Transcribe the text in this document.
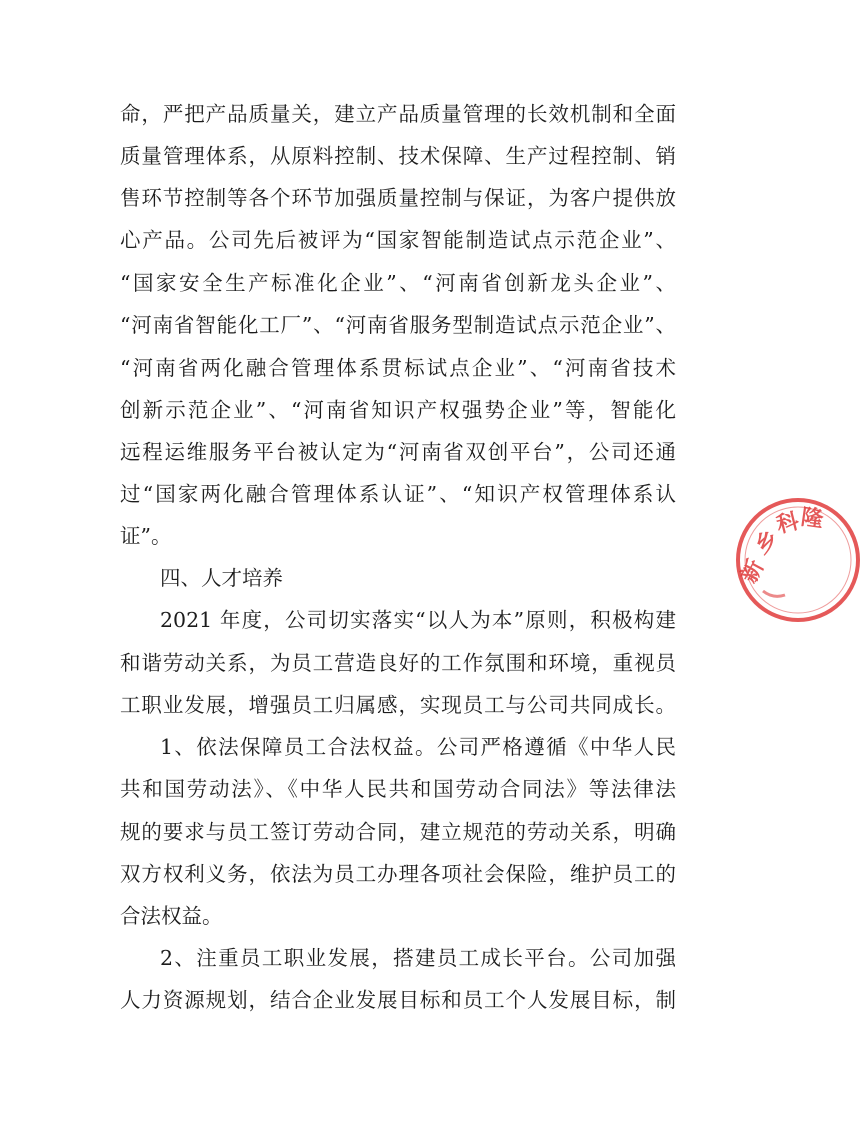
命，严把产品质量关，建立产品质量管理的长效机制和全面
质量管理体系，从原料控制、技术保障、生产过程控制、销
售环节控制等各个环节加强质量控制与保证，为客户提供放
心产品。公司先后被评为“国家智能制造试点示范企业”、
“国家安全生产标准化企业”、“河南省创新龙头企业”、
“河南省智能化工厂”、“河南省服务型制造试点示范企业”、
“河南省两化融合管理体系贯标试点企业”、“河南省技术
创新示范企业”、“河南省知识产权强势企业”等，智能化
远程运维服务平台被认定为“河南省双创平台”，公司还通
过“国家两化融合管理体系认证”、“知识产权管理体系认
证”。
四、人才培养
2021 年度，公司切实落实“以人为本”原则，积极构建
和谐劳动关系，为员工营造良好的工作氛围和环境，重视员
工职业发展，增强员工归属感，实现员工与公司共同成长。
1、依法保障员工合法权益。公司严格遵循《中华人民
共和国劳动法》、《中华人民共和国劳动合同法》等法律法
规的要求与员工签订劳动合同，建立规范的劳动关系，明确
双方权利义务，依法为员工办理各项社会保险，维护员工的
合法权益。
2、注重员工职业发展，搭建员工成长平台。公司加强
人力资源规划，结合企业发展目标和员工个人发展目标，制
新
乡
科
隆
